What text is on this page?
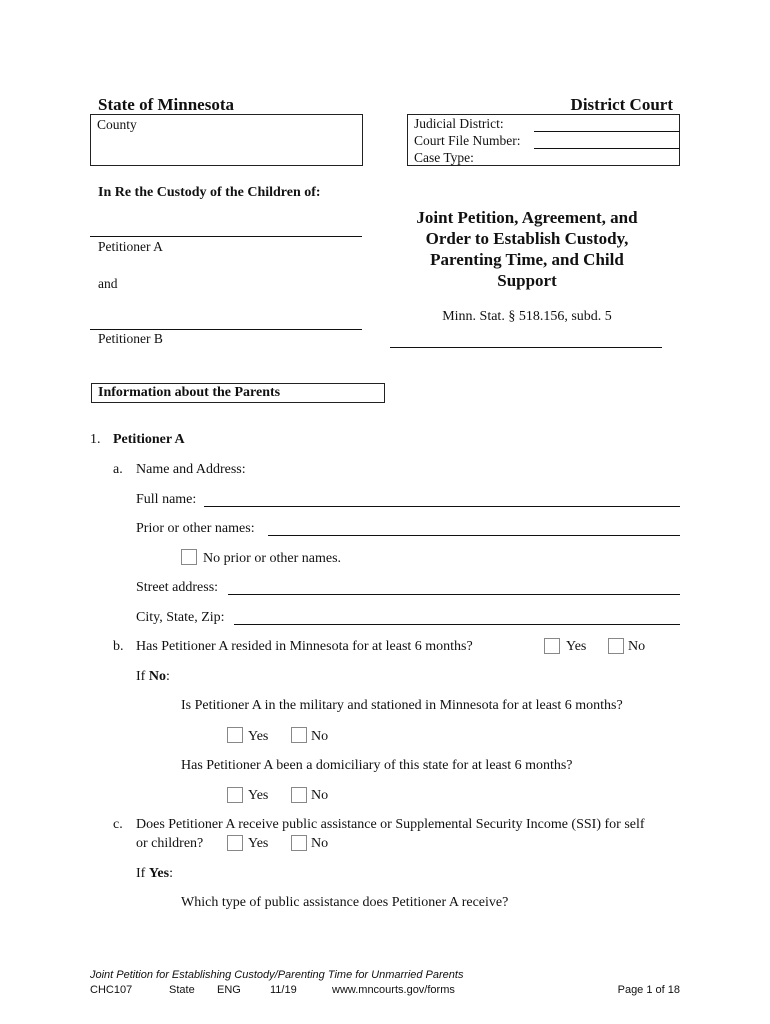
State of Minnesota	District Court
County	Judicial District:
Court File Number:
Case Type:
In Re the Custody of the Children of:
Petitioner A
and
Petitioner B
Joint Petition, Agreement, and
Order to Establish Custody,
Parenting Time, and Child
Support
Minn. Stat. § 518.156, subd. 5
Information about the Parents
1. Petitioner A
a. Name and Address:
Full name:
Prior or other names:
No prior or other names.
Street address:
City, State, Zip:
b. Has Petitioner A resided in Minnesota for at least 6 months?	Yes	No
If No:
Is Petitioner A in the military and stationed in Minnesota for at least 6 months?
Yes	No
Has Petitioner A been a domiciliary of this state for at least 6 months?
Yes	No
c. Does Petitioner A receive public assistance or Supplemental Security Income (SSI) for self
or children?	Yes	No
If Yes:
Which type of public assistance does Petitioner A receive?
Joint Petition for Establishing Custody/Parenting Time for Unmarried Parents
CHC107	State ENG	11/19	www.mncourts.gov/forms	Page 1 of 18
